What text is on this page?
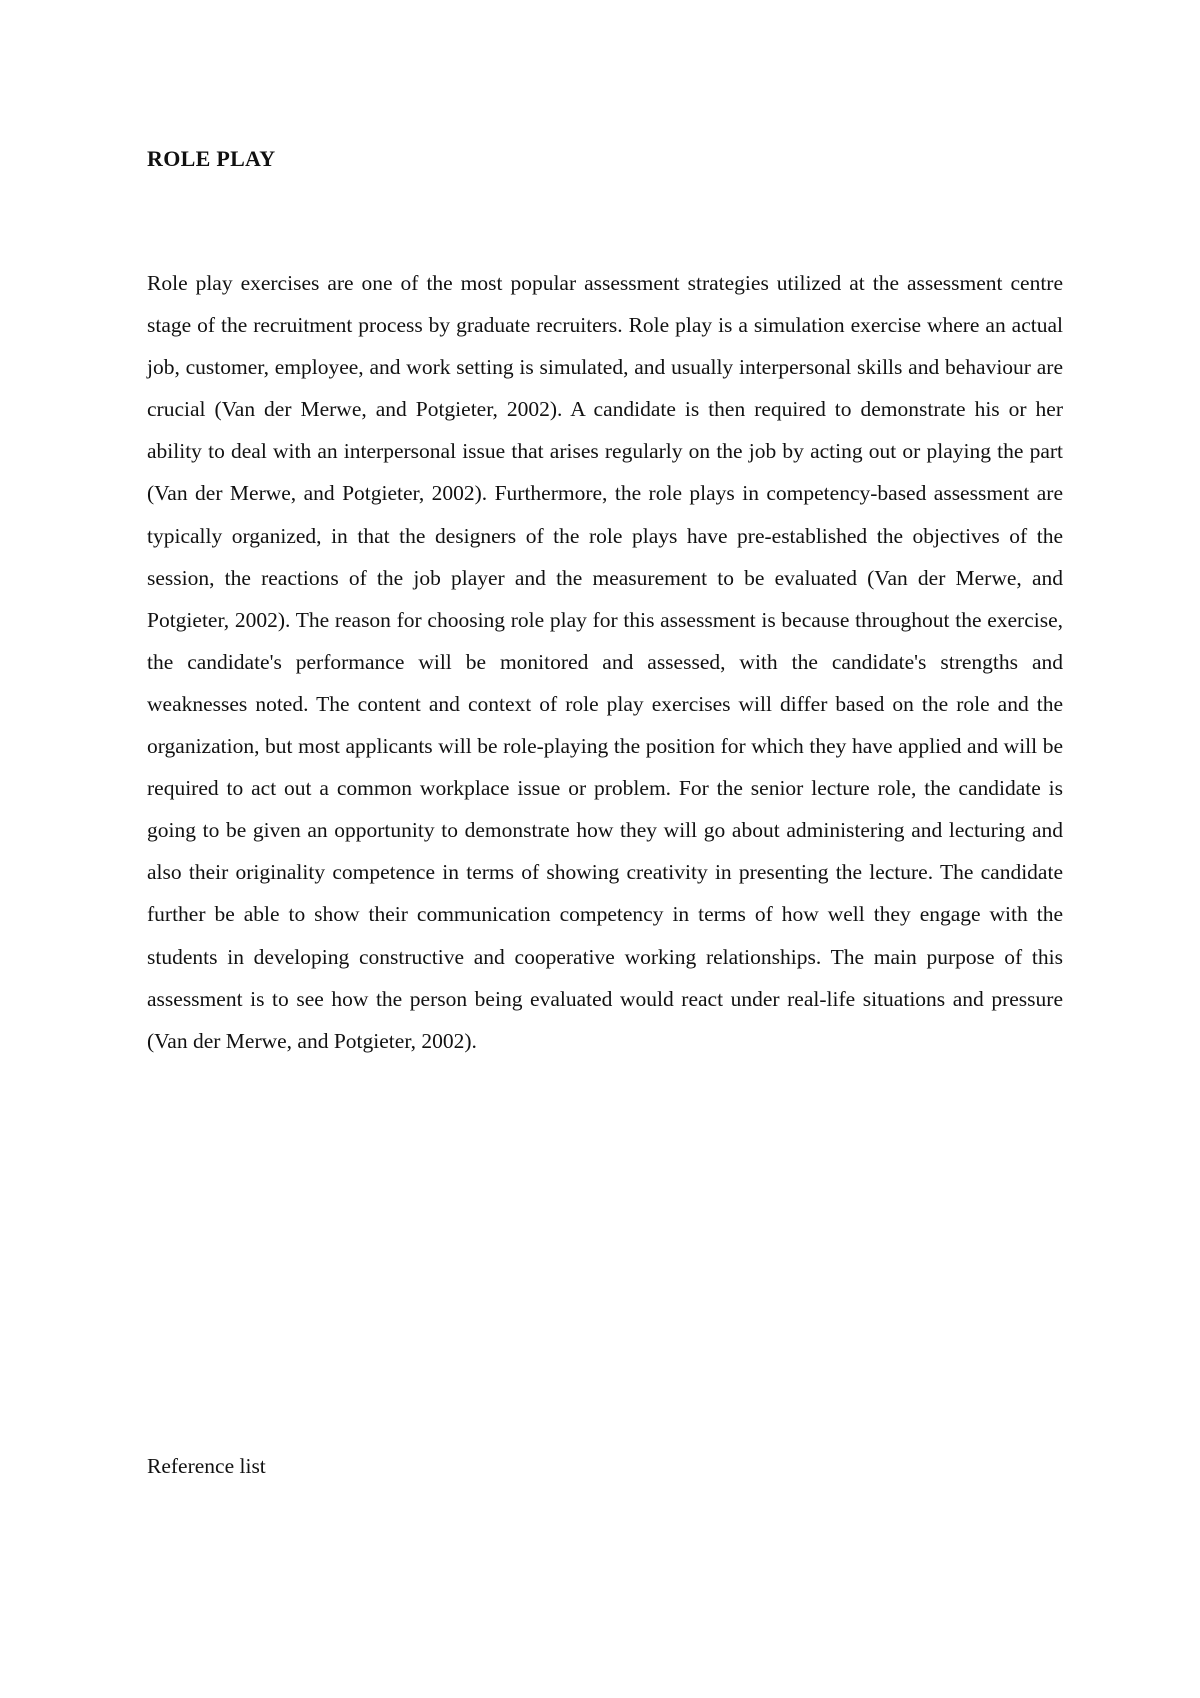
ROLE PLAY

Role play exercises are one of the most popular assessment strategies utilized at the assessment centre stage of the recruitment process by graduate recruiters. Role play is a simulation exercise where an actual job, customer, employee, and work setting is simulated, and usually interpersonal skills and behaviour are crucial (Van der Merwe, and Potgieter, 2002). A candidate is then required to demonstrate his or her ability to deal with an interpersonal issue that arises regularly on the job by acting out or playing the part (Van der Merwe, and Potgieter, 2002). Furthermore, the role plays in competency-based assessment are typically organized, in that the designers of the role plays have pre-established the objectives of the session, the reactions of the job player and the measurement to be evaluated (Van der Merwe, and Potgieter, 2002). The reason for choosing role play for this assessment is because throughout the exercise, the candidate's performance will be monitored and assessed, with the candidate's strengths and weaknesses noted. The content and context of role play exercises will differ based on the role and the organization, but most applicants will be role-playing the position for which they have applied and will be required to act out a common workplace issue or problem. For the senior lecture role, the candidate is going to be given an opportunity to demonstrate how they will go about administering and lecturing and also their originality competence in terms of showing creativity in presenting the lecture. The candidate further be able to show their communication competency in terms of how well they engage with the students in developing constructive and cooperative working relationships. The main purpose of this assessment is to see how the person being evaluated would react under real-life situations and pressure (Van der Merwe, and Potgieter, 2002).

Reference list
